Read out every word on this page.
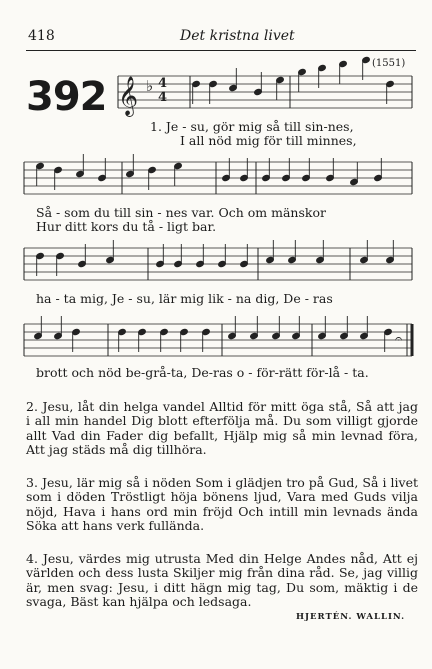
418	Det kristna livet
392
(1551)
𝄞 ♭ 4
4
𝄐
1. Je - su, gör mig så till sin-nes,
I all nöd mig för till minnes,
Så - som du till sin - nes var. Och om mänskor
Hur ditt kors du tå - ligt bar.
ha - ta mig, Je - su, lär mig lik - na dig, De - ras
brott och nöd be-grå-ta, De-ras o - för-rätt för-lå - ta.
2. Jesu, låt din helga vandel Alltid för mitt öga stå, Så att jag i all min handel Dig blott efterfölja må. Du som villigt gjorde allt Vad din Fader dig befallt, Hjälp mig så min levnad föra, Att jag städs må dig tillhöra.
3. Jesu, lär mig så i nöden Som i glädjen tro på Gud, Så i livet som i döden Tröstligt höja bönens ljud, Vara med Guds vilja nöjd, Hava i hans ord min fröjd Och intill min levnads ända Söka att hans verk fullända.
4. Jesu, värdes mig utrusta Med din Helge Andes nåd, Att ej världen och dess lusta Skiljer mig från dina råd. Se, jag villig är, men svag: Jesu, i ditt hägn mig tag, Du som, mäktig i de svaga, Bäst kan hjälpa och ledsaga.
HJERTÉN. WALLIN.
